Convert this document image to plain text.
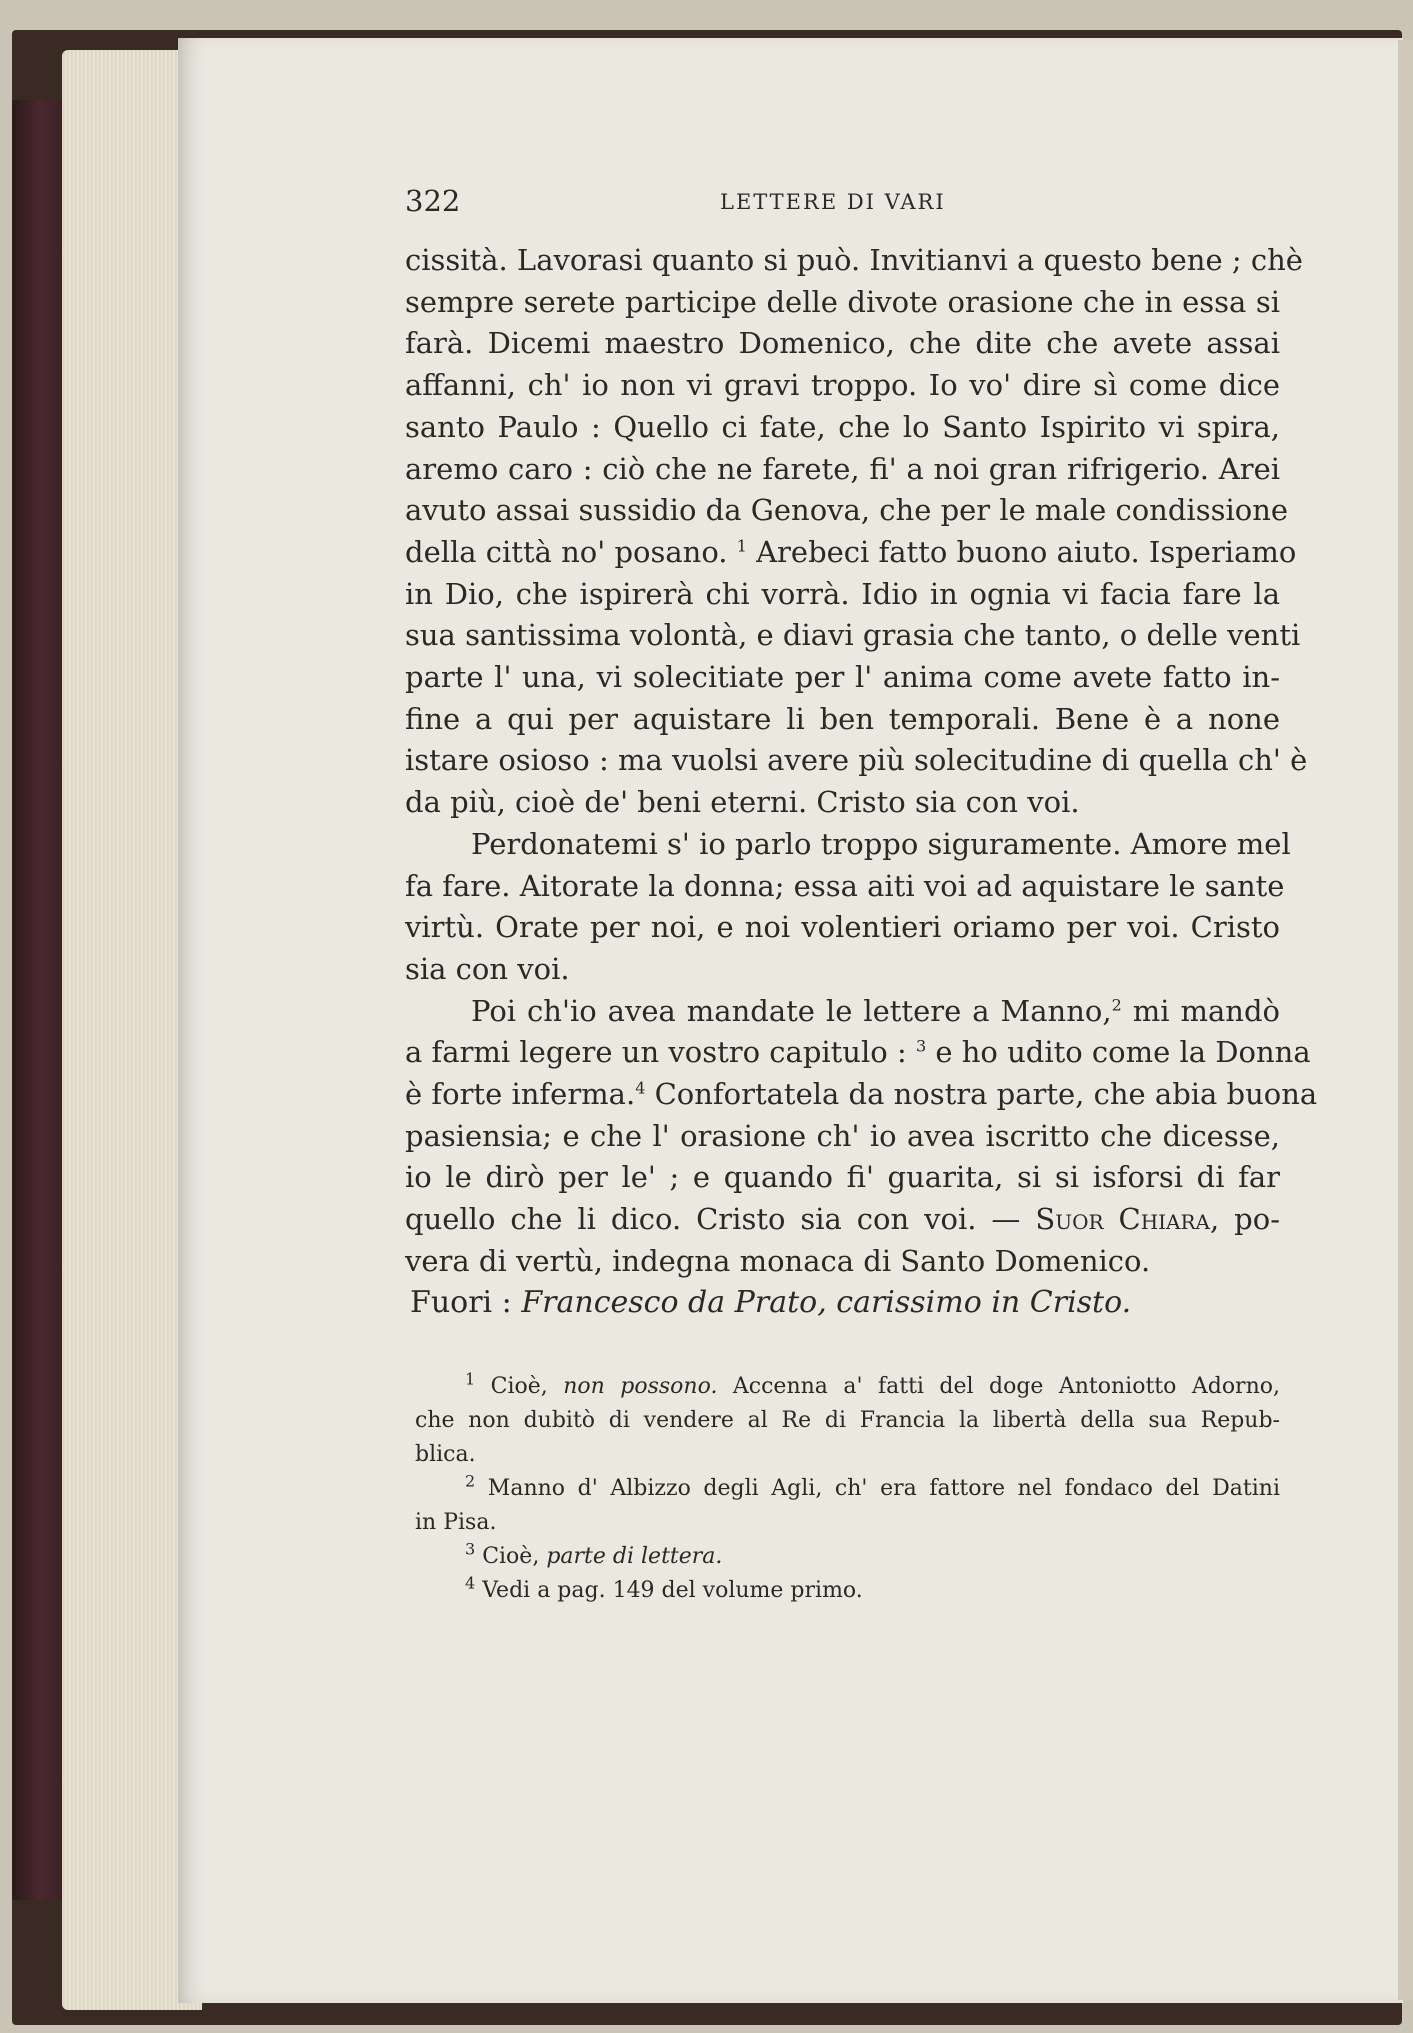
322	LETTERE DI VARI
cissità. Lavorasi quanto si può. Invitianvi a questo bene ; chè
sempre serete participe delle divote orasione che in essa si
farà. Dicemi maestro Domenico, che dite che avete assai
affanni, ch' io non vi gravi troppo. Io vo' dire sì come dice
santo Paulo : Quello ci fate, che lo Santo Ispirito vi spira,
aremo caro : ciò che ne farete, fi' a noi gran rifrigerio. Arei
avuto assai sussidio da Genova, che per le male condissione
della città no' posano. $^1$ Arebeci fatto buono aiuto. Isperiamo
in Dio, che ispirerà chi vorrà. Idio in ognia vi facia fare la
sua santissima volontà, e diavi grasia che tanto, o delle venti
parte l' una, vi solecitiate per l' anima come avete fatto in-
fine a qui per aquistare li ben temporali. Bene è a none
istare osioso : ma vuolsi avere più solecitudine di quella ch' è
da più, cioè de' beni eterni. Cristo sia con voi.
Perdonatemi s' io parlo troppo siguramente. Amore mel
fa fare. Aitorate la donna; essa aiti voi ad aquistare le sante
virtù. Orate per noi, e noi volentieri oriamo per voi. Cristo
sia con voi.
Poi ch'io avea mandate le lettere a Manno,$^2$ mi mandò
a farmi legere un vostro capitulo : $^3$ e ho udito come la Donna
è forte inferma.$^4$ Confortatela da nostra parte, che abia buona
pasiensia; e che l' orasione ch' io avea iscritto che dicesse,
io le dirò per le' ; e quando fi' guarita, si si isforsi di far
quello che li dico. Cristo sia con voi. — Suor Chiara, po-
vera di vertù, indegna monaca di Santo Domenico.
Fuori : Francesco da Prato, carissimo in Cristo.
$^1$ Cioè, non possono. Accenna a' fatti del doge Antoniotto Adorno,
che non dubitò di vendere al Re di Francia la libertà della sua Repub-
blica.
$^2$ Manno d' Albizzo degli Agli, ch' era fattore nel fondaco del Datini
in Pisa.
$^3$ Cioè, parte di lettera.
$^4$ Vedi a pag. 149 del volume primo.
